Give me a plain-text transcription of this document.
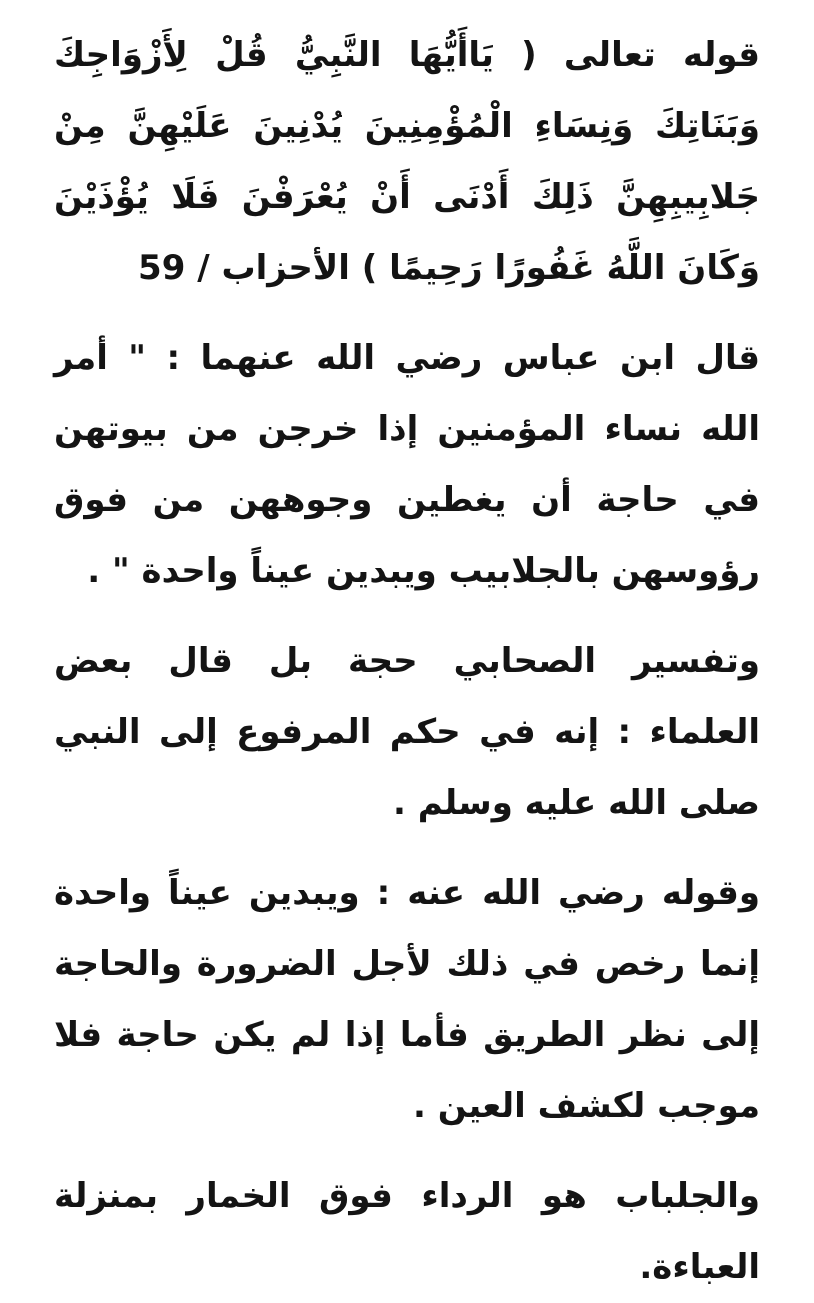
قوله تعالى ( يَاأَيُّهَا النَّبِيُّ قُلْ لِأَزْوَاجِكَ وَبَنَاتِكَ وَنِسَاءِ الْمُؤْمِنِينَ يُدْنِينَ عَلَيْهِنَّ مِنْ جَلابِيبِهِنَّ ذَلِكَ أَدْنَى أَنْ يُعْرَفْنَ فَلَا يُؤْذَيْنَ وَكَانَ اللَّهُ غَفُورًا رَحِيمًا ) الأحزاب / 59

قال ابن عباس رضي الله عنهما : " أمر الله نساء المؤمنين إذا خرجن من بيوتهن في حاجة أن يغطين وجوههن من فوق رؤوسهن بالجلابيب ويبدين عيناً واحدة " .

وتفسير الصحابي حجة بل قال بعض العلماء : إنه في حكم المرفوع إلى النبي صلى الله عليه وسلم .

وقوله رضي الله عنه : ويبدين عيناً واحدة إنما رخص في ذلك لأجل الضرورة والحاجة إلى نظر الطريق فأما إذا لم يكن حاجة فلا موجب لكشف العين .

والجلباب هو الرداء فوق الخمار بمنزلة العباءة.
